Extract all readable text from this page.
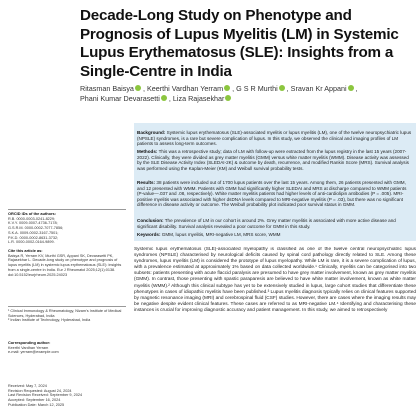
Decade-Long Study on Phenotype and Prognosis of Lupus Myelitis (LM) in Systemic Lupus Erythematosus (SLE): Insights from a Single-Centre in India
Ritasman Baisya , Keerthi Vardhan Yerram , G S R Murthi , Sravan Kr Appani ,
Phani Kumar Devarasetti , Liza Rajasekhar
ORCID iDs of the authors:
R.B. 0000-0003-0241-8229;
K.V.Y. 0009-0007-4736-7178;
G.S.R.M. 0000-0002-7077-7856;
S.K.A. 0009-0002-3167-7501;
P.K.D. 0000-0002-8631-3732;
L.R. 0000-0002-0164-9899.
Cite this article as:
Baisya R, Yerram KV, Murthi GSR, Appani SK, Devarasetti PK, Rajasekhar L. Decade-long study on phenotype and prognosis of lupus myelitis (LM) in systemic lupus erythematosus (SLE): insights from a single-centre in India. Eur J Rheumatol 2025;12(1):0138. doi:10.5152/eurjrheum.2025.24023
¹ Clinical Immunology & Rheumatology, Nizam's Institute of Medical Sciences, Hyderabad, India
² Indian Institute of Technology, Hyderabad, India
Corresponding author:
Keerthi Vardhan Yerram
e-mail: yerram@example.com
Received: May 7, 2024
Revision Requested: August 24, 2024
Last Revision Received: September 9, 2024
Accepted: September 16, 2024
Publication Date: March 12, 2025

Background: Systemic lupus erythematosus (SLE)-associated myelitis or lupus myelitis (LM), one of the twelve neuropsychiatric lupus (NPSLE) syndromes, is a rare but severe complication of lupus. In this study, we observed the clinical and imaging profiles of LM patients to assess long-term outcomes.

Methods: This was a retrospective study; data of LM with follow-up were extracted from the lupus registry in the last 15 years (2007-2022). Clinically, they were divided as grey matter myelitis (GMM) versus white matter myelitis (WMM). Disease activity was assessed by the SLE Disease Activity Index (SLEDAI-2K) & outcome by death, recurrence, and modified Rankin Score (MRS). Survival analysis was performed using the Kaplan-Meier (KM) and Weibull survival probability tests.

Results: 38 patients were included out of 1700 lupus patients over the last 15 years. Among them, 26 patients presented with GMM, and 12 presented with WMM. Patients with GMM had significantly higher SLEDAI and MRS at discharge compared to WMM patients (P-value—.037 and .08, respectively). White matter myelitis patients had higher levels of anti-cardiolipin antibodies (P = .005). MRI-positive myelitis was associated with higher dsDNA levels compared to MRI-negative myelitis (P = .03), but there was no significant difference in disease activity or outcome. The Weibull probability plot indicated poor survival status in GMM.

Conclusion: The prevalence of LM in our cohort is around 2%. Grey matter myelitis is associated with more active disease and significant disability. Survival analysis revealed a poor outcome for GMM in this study.

Keywords: GMM, lupus myelitis, MRI-negative LM, MRS score, WMM

Systemic lupus erythematosus (SLE)-associated myelopathy is classified as one of the twelve central neuropsychiatric lupus syndromes (NPSLE) characterised by neurological deficits caused by spinal cord pathology directly related to SLE. Among these syndromes, lupus myelitis (LM) is considered the prototype of lupus myelopathy. While LM is rare, it is a severe complication of lupus, with a prevalence estimated at approximately 1% based on data collected worldwide.¹ Clinically, myelitis can be categorised into two subsets: patients presenting with acute flaccid paralysis are presumed to have grey matter involvement, known as grey matter myelitis (GMM). In contrast, those presenting with spastic paraparesis are believed to have white matter involvement, known as white matter myelitis (WMM).² Although this clinical subtype has yet to be extensively studied in lupus, large cohort studies that differentiate these phenotypes in cases of idiopathic myelitis have been published.³ Lupus myelitis diagnosis typically relies on clinical features supported by magnetic resonance imaging (MRI) and cerebrospinal fluid (CSF) studies. However, there are cases where the imaging results may be negative despite evident clinical features. These cases are referred to as MRI-negative LM.⁴ Identifying and characterising these instances is crucial for improving diagnostic accuracy and patient management. In this study, we aimed to retrospectively
